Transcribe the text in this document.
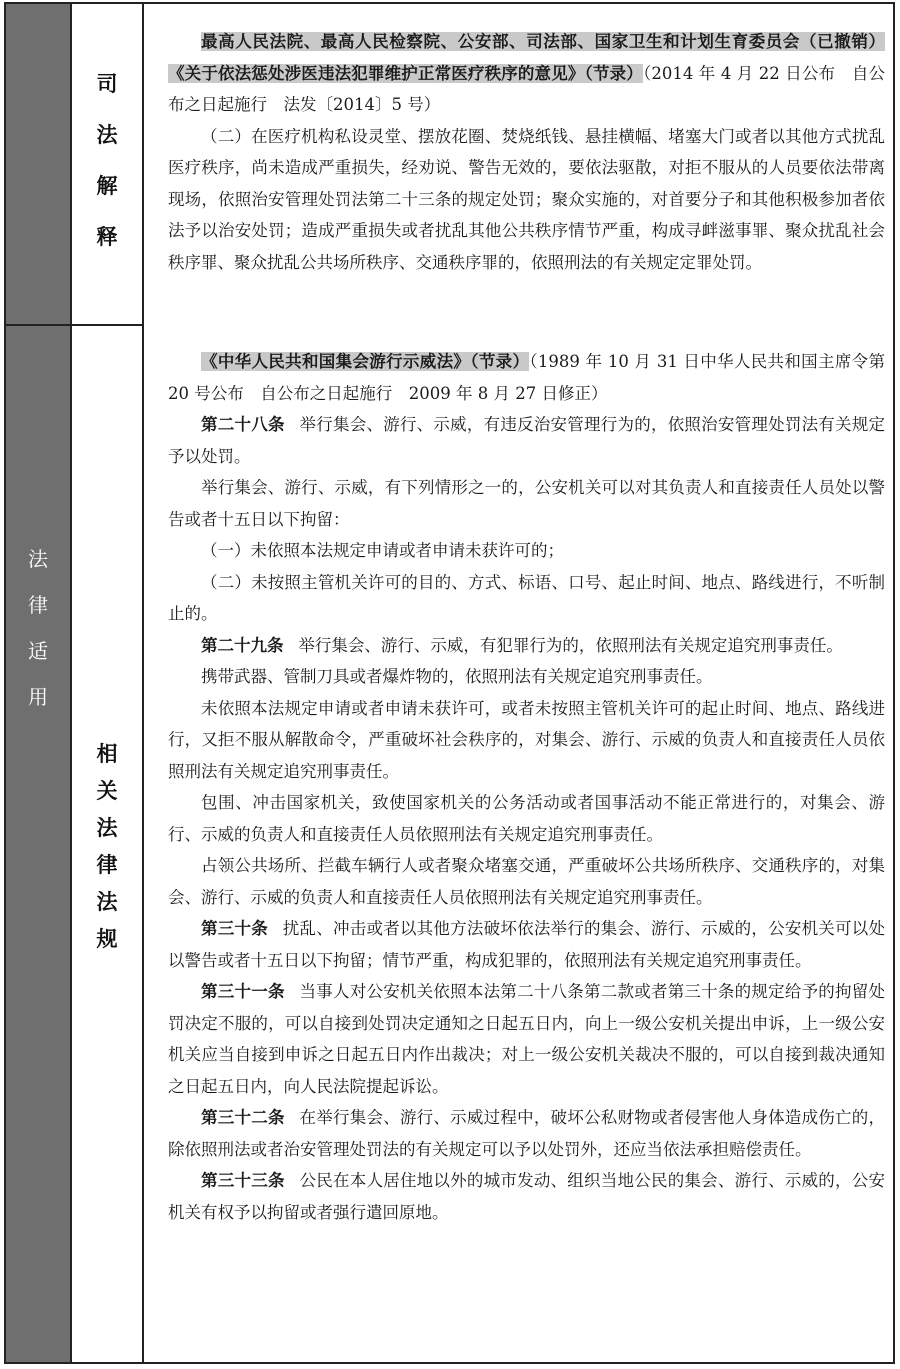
法
律
适
用
司
法
解
释
相
关
法
律
法
规

最高人民法院、最高人民检察院、公安部、司法部、国家卫生和计划生育委员会（已撤销）《关于依法惩处涉医违法犯罪维护正常医疗秩序的意见》（节录）（2014 年 4 月 22 日公布　自公布之日起施行　法发〔2014〕5 号）

（二）在医疗机构私设灵堂、摆放花圈、焚烧纸钱、悬挂横幅、堵塞大门或者以其他方式扰乱医疗秩序，尚未造成严重损失，经劝说、警告无效的，要依法驱散，对拒不服从的人员要依法带离现场，依照治安管理处罚法第二十三条的规定处罚；聚众实施的，对首要分子和其他积极参加者依法予以治安处罚；造成严重损失或者扰乱其他公共秩序情节严重，构成寻衅滋事罪、聚众扰乱社会秩序罪、聚众扰乱公共场所秩序、交通秩序罪的，依照刑法的有关规定定罪处罚。

《中华人民共和国集会游行示威法》（节录）（1989 年 10 月 31 日中华人民共和国主席令第 20 号公布　自公布之日起施行　2009 年 8 月 27 日修正）

第二十八条 举行集会、游行、示威，有违反治安管理行为的，依照治安管理处罚法有关规定予以处罚。

举行集会、游行、示威，有下列情形之一的，公安机关可以对其负责人和直接责任人员处以警告或者十五日以下拘留：

（一）未依照本法规定申请或者申请未获许可的；

（二）未按照主管机关许可的目的、方式、标语、口号、起止时间、地点、路线进行，不听制止的。

第二十九条 举行集会、游行、示威，有犯罪行为的，依照刑法有关规定追究刑事责任。

携带武器、管制刀具或者爆炸物的，依照刑法有关规定追究刑事责任。

未依照本法规定申请或者申请未获许可，或者未按照主管机关许可的起止时间、地点、路线进行，又拒不服从解散命令，严重破坏社会秩序的，对集会、游行、示威的负责人和直接责任人员依照刑法有关规定追究刑事责任。

包围、冲击国家机关，致使国家机关的公务活动或者国事活动不能正常进行的，对集会、游行、示威的负责人和直接责任人员依照刑法有关规定追究刑事责任。

占领公共场所、拦截车辆行人或者聚众堵塞交通，严重破坏公共场所秩序、交通秩序的，对集会、游行、示威的负责人和直接责任人员依照刑法有关规定追究刑事责任。

第三十条 扰乱、冲击或者以其他方法破坏依法举行的集会、游行、示威的，公安机关可以处以警告或者十五日以下拘留；情节严重，构成犯罪的，依照刑法有关规定追究刑事责任。

第三十一条 当事人对公安机关依照本法第二十八条第二款或者第三十条的规定给予的拘留处罚决定不服的，可以自接到处罚决定通知之日起五日内，向上一级公安机关提出申诉，上一级公安机关应当自接到申诉之日起五日内作出裁决；对上一级公安机关裁决不服的，可以自接到裁决通知之日起五日内，向人民法院提起诉讼。

第三十二条 在举行集会、游行、示威过程中，破坏公私财物或者侵害他人身体造成伤亡的，除依照刑法或者治安管理处罚法的有关规定可以予以处罚外，还应当依法承担赔偿责任。

第三十三条 公民在本人居住地以外的城市发动、组织当地公民的集会、游行、示威的，公安机关有权予以拘留或者强行遣回原地。
